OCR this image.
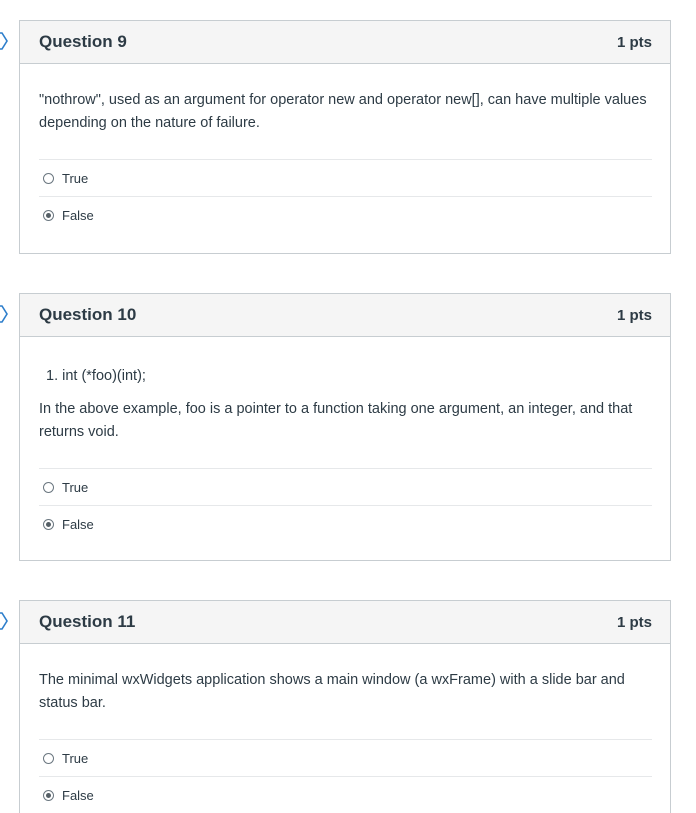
Question 9	1 pts

"nothrow", used as an argument for operator new and operator new[], can have multiple values depending on the nature of failure.

True
False
Question 10	1 pts

1. int (*foo)(int);

In the above example, foo is a pointer to a function taking one argument, an integer, and that returns void.

True
False
Question 11	1 pts

The minimal wxWidgets application shows a main window (a wxFrame) with a slide bar and status bar.

True
False
